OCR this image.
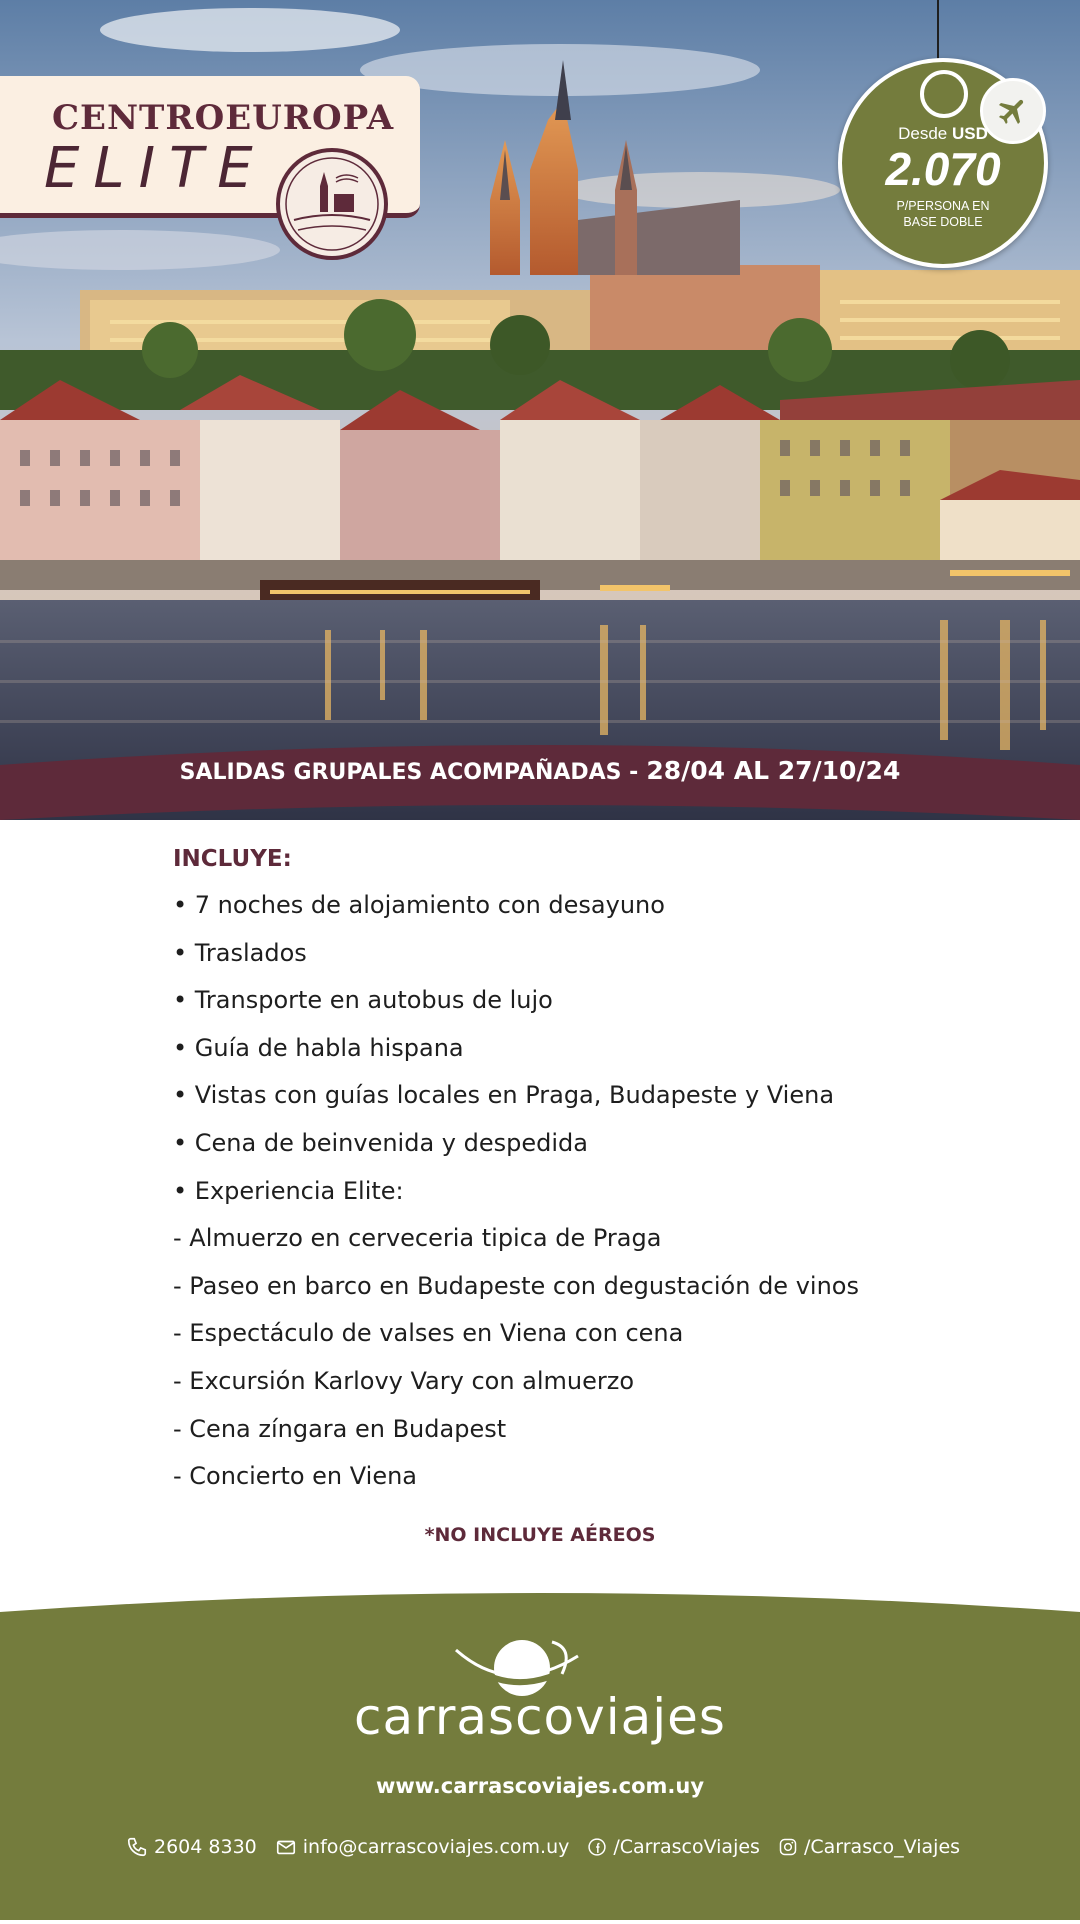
CENTROEUROPA
ELITE
Desde USD
2.070
P/PERSONA EN
BASE DOBLE
SALIDAS GRUPALES ACOMPAÑADAS - 28/04 AL 27/10/24
INCLUYE:
• 7 noches de alojamiento con desayuno
• Traslados
• Transporte en autobus de lujo
• Guía de habla hispana
• Vistas con guías locales en Praga, Budapeste y Viena
• Cena de beinvenida y despedida
• Experiencia Elite:
- Almuerzo en cerveceria tipica de Praga
- Paseo en barco en Budapeste con degustación de vinos
- Espectáculo de valses en Viena con cena
- Excursión Karlovy Vary con almuerzo
- Cena zíngara en Budapest
- Concierto en Viena
*NO INCLUYE AÉREOS
carrascoviajes
www.carrascoviajes.com.uy
2604 8330 info@carrascoviajes.com.uy /CarrascoViajes /Carrasco_Viajes
